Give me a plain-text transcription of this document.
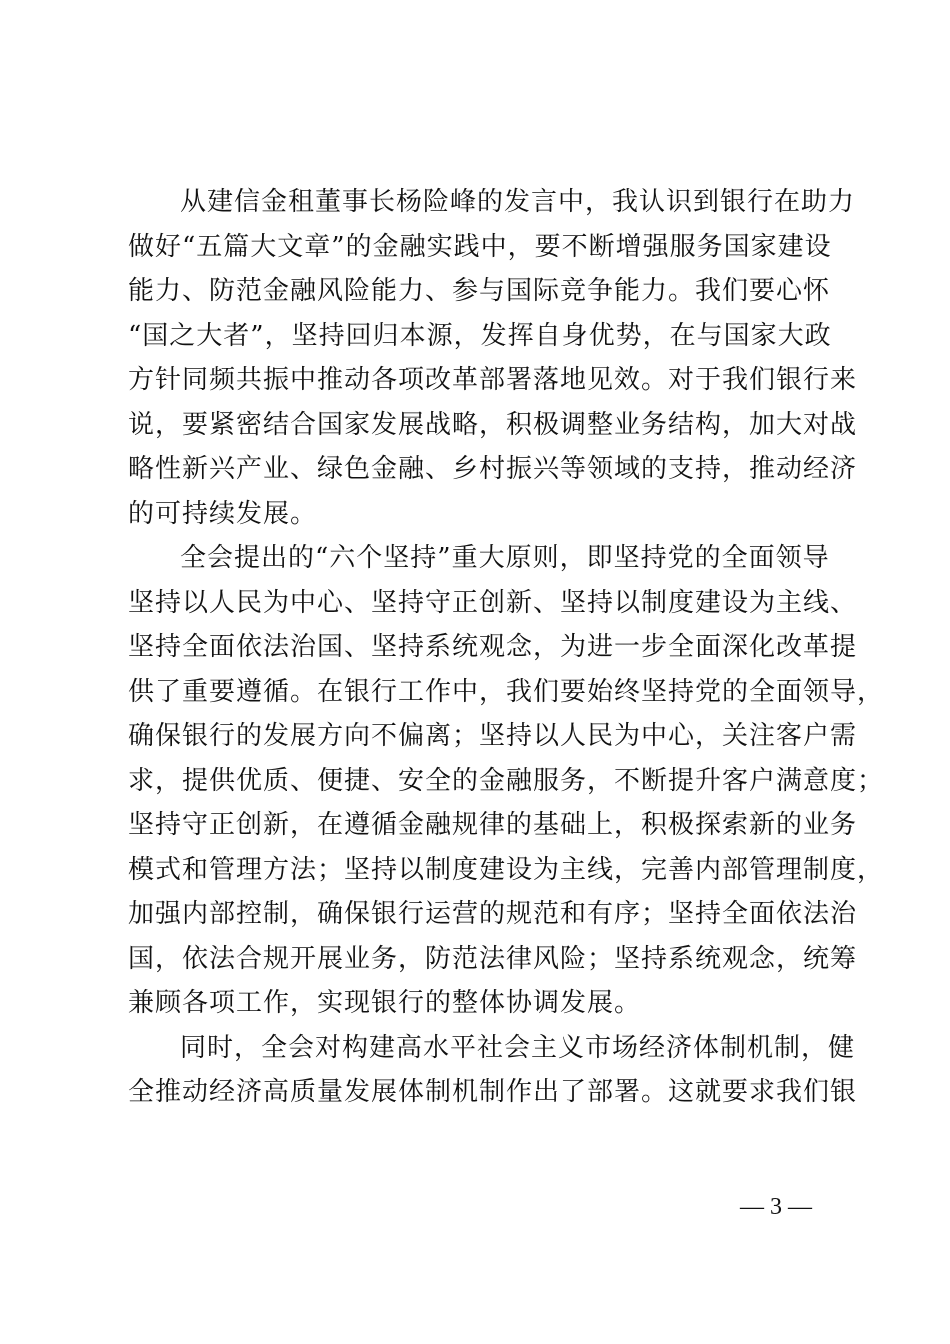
从建信金租董事长杨险峰的发言中，我认识到银行在助力
做好“五篇大文章”的金融实践中，要不断增强服务国家建设
能力、防范金融风险能力、参与国际竞争能力。我们要心怀
“国之大者”，坚持回归本源，发挥自身优势，在与国家大政
方针同频共振中推动各项改革部署落地见效。对于我们银行来
说，要紧密结合国家发展战略，积极调整业务结构，加大对战
略性新兴产业、绿色金融、乡村振兴等领域的支持，推动经济
的可持续发展。

全会提出的“六个坚持”重大原则，即坚持党的全面领导
坚持以人民为中心、坚持守正创新、坚持以制度建设为主线、
坚持全面依法治国、坚持系统观念，为进一步全面深化改革提
供了重要遵循。在银行工作中，我们要始终坚持党的全面领导，
确保银行的发展方向不偏离；坚持以人民为中心，关注客户需
求，提供优质、便捷、安全的金融服务，不断提升客户满意度；
坚持守正创新，在遵循金融规律的基础上，积极探索新的业务
模式和管理方法；坚持以制度建设为主线，完善内部管理制度，
加强内部控制，确保银行运营的规范和有序；坚持全面依法治
国，依法合规开展业务，防范法律风险；坚持系统观念，统筹
兼顾各项工作，实现银行的整体协调发展。

同时，全会对构建高水平社会主义市场经济体制机制，健
全推动经济高质量发展体制机制作出了部署。这就要求我们银

— 3 —
